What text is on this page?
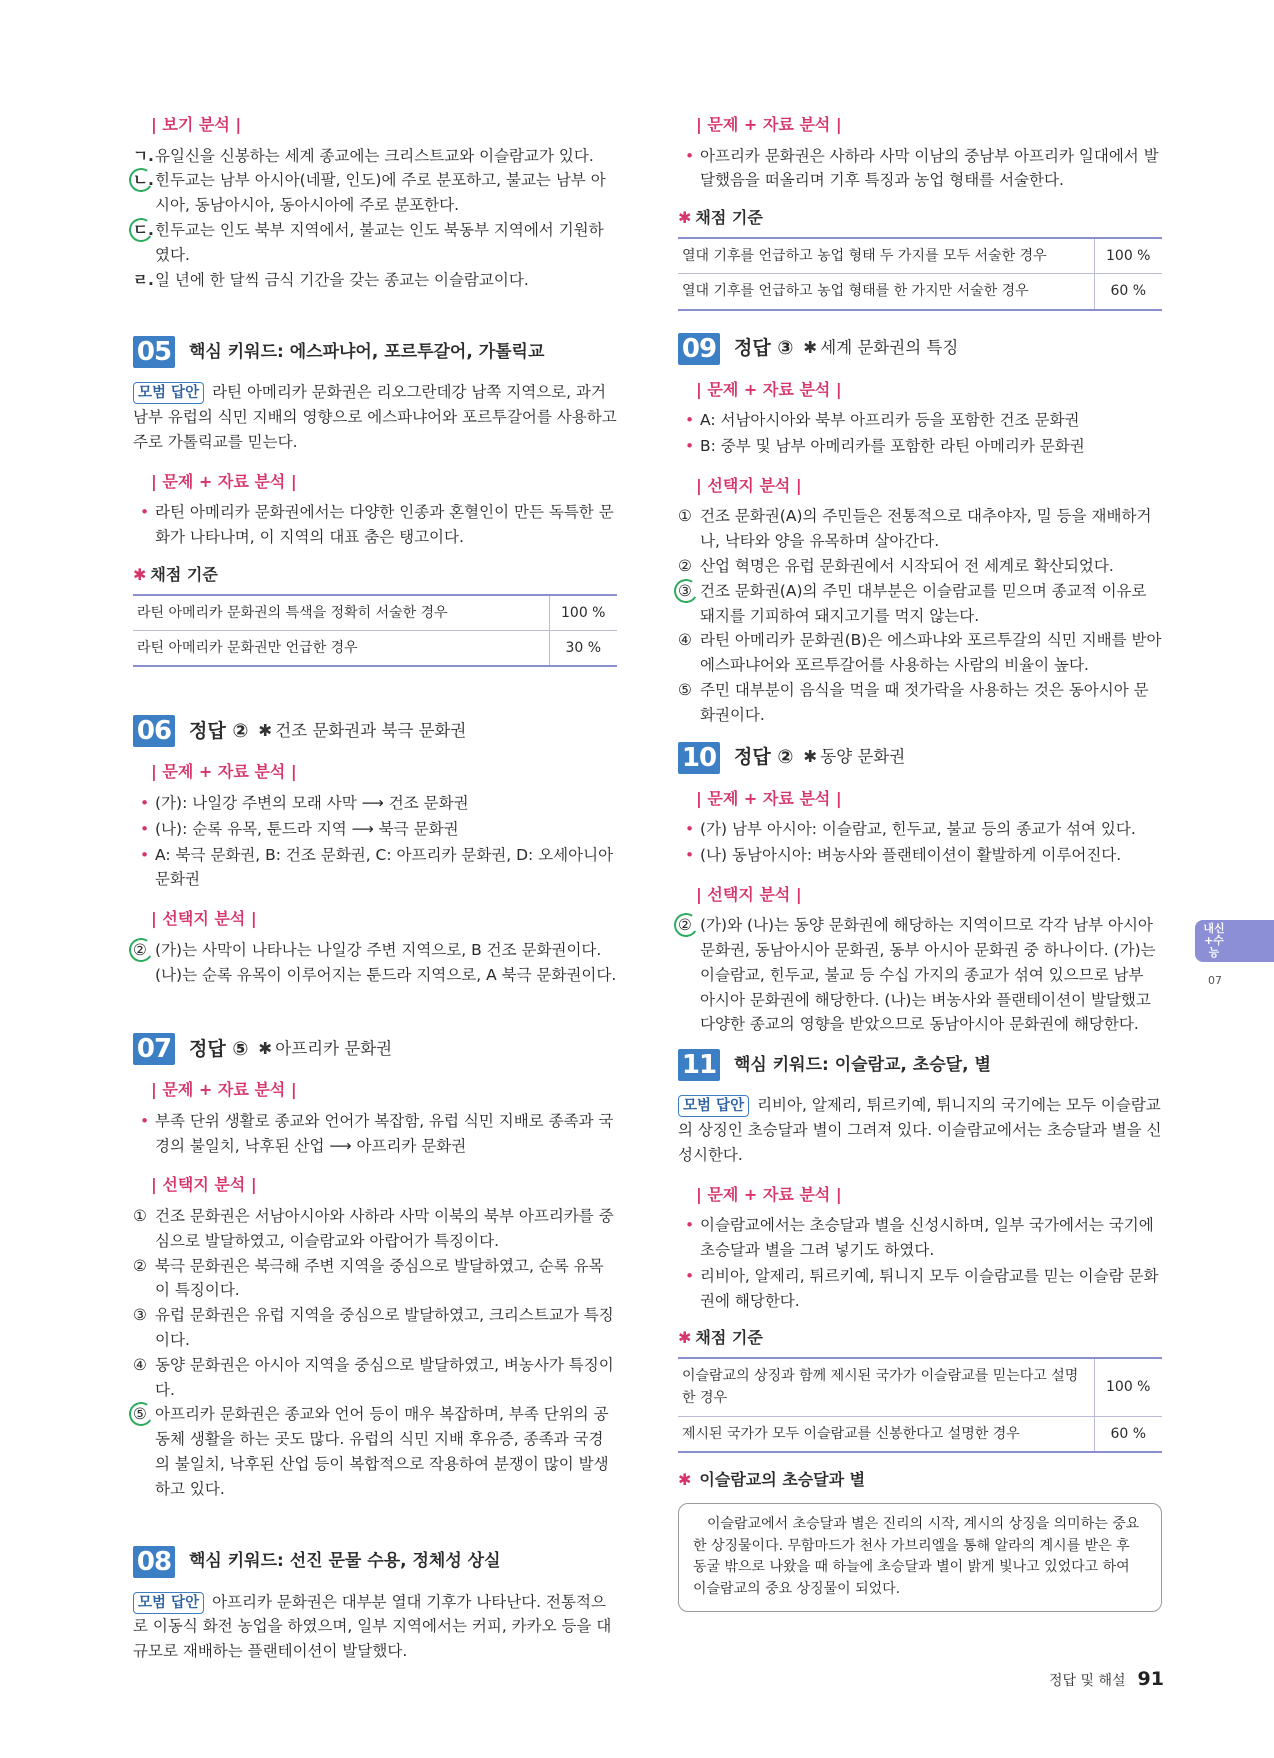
| 보기 분석 |
ㄱ. 유일신을 신봉하는 세계 종교에는 크리스트교와 이슬람교가 있다.
ㄴ. 힌두교는 남부 아시아(네팔, 인도)에 주로 분포하고, 불교는 남부 아시아, 동남아시아, 동아시아에 주로 분포한다.
ㄷ. 힌두교는 인도 북부 지역에서, 불교는 인도 북동부 지역에서 기원하였다.
ㄹ. 일 년에 한 달씩 금식 기간을 갖는 종교는 이슬람교이다.
05 핵심 키워드: 에스파냐어, 포르투갈어, 가톨릭교

모범 답안 라틴 아메리카 문화권은 리오그란데강 남쪽 지역으로, 과거 남부 유럽의 식민 지배의 영향으로 에스파냐어와 포르투갈어를 사용하고 주로 가톨릭교를 믿는다.

| 문제 + 자료 분석 |
• 라틴 아메리카 문화권에서는 다양한 인종과 혼혈인이 만든 독특한 문화가 나타나며, 이 지역의 대표 춤은 탱고이다.
✱ 채점 기준
라틴 아메리카 문화권의 특색을 정확히 서술한 경우	100 %
라틴 아메리카 문화권만 언급한 경우	30 %
06 정답 ② ✱ 건조 문화권과 북극 문화권
| 문제 + 자료 분석 |
• (가): 나일강 주변의 모래 사막 ⟶ 건조 문화권
• (나): 순록 유목, 툰드라 지역 ⟶ 북극 문화권
• A: 북극 문화권, B: 건조 문화권, C: 아프리카 문화권, D: 오세아니아 문화권
| 선택지 분석 |
② (가)는 사막이 나타나는 나일강 주변 지역으로, B 건조 문화권이다. (나)는 순록 유목이 이루어지는 툰드라 지역으로, A 북극 문화권이다.
07 정답 ⑤ ✱ 아프리카 문화권
| 문제 + 자료 분석 |
• 부족 단위 생활로 종교와 언어가 복잡함, 유럽 식민 지배로 종족과 국경의 불일치, 낙후된 산업 ⟶ 아프리카 문화권
| 선택지 분석 |
① 건조 문화권은 서남아시아와 사하라 사막 이북의 북부 아프리카를 중심으로 발달하였고, 이슬람교와 아랍어가 특징이다.
② 북극 문화권은 북극해 주변 지역을 중심으로 발달하였고, 순록 유목이 특징이다.
③ 유럽 문화권은 유럽 지역을 중심으로 발달하였고, 크리스트교가 특징이다.
④ 동양 문화권은 아시아 지역을 중심으로 발달하였고, 벼농사가 특징이다.
⑤ 아프리카 문화권은 종교와 언어 등이 매우 복잡하며, 부족 단위의 공동체 생활을 하는 곳도 많다. 유럽의 식민 지배 후유증, 종족과 국경의 불일치, 낙후된 산업 등이 복합적으로 작용하여 분쟁이 많이 발생하고 있다.
08 핵심 키워드: 선진 문물 수용, 정체성 상실

모범 답안 아프리카 문화권은 대부분 열대 기후가 나타난다. 전통적으로 이동식 화전 농업을 하였으며, 일부 지역에서는 커피, 카카오 등을 대규모로 재배하는 플랜테이션이 발달했다.

| 문제 + 자료 분석 |
• 아프리카 문화권은 사하라 사막 이남의 중남부 아프리카 일대에서 발달했음을 떠올리며 기후 특징과 농업 형태를 서술한다.
✱ 채점 기준
열대 기후를 언급하고 농업 형태 두 가지를 모두 서술한 경우	100 %
열대 기후를 언급하고 농업 형태를 한 가지만 서술한 경우	60 %
09 정답 ③ ✱ 세계 문화권의 특징
| 문제 + 자료 분석 |
• A: 서남아시아와 북부 아프리카 등을 포함한 건조 문화권
• B: 중부 및 남부 아메리카를 포함한 라틴 아메리카 문화권
| 선택지 분석 |
① 건조 문화권(A)의 주민들은 전통적으로 대추야자, 밀 등을 재배하거나, 낙타와 양을 유목하며 살아간다.
② 산업 혁명은 유럽 문화권에서 시작되어 전 세계로 확산되었다.
③ 건조 문화권(A)의 주민 대부분은 이슬람교를 믿으며 종교적 이유로 돼지를 기피하여 돼지고기를 먹지 않는다.
④ 라틴 아메리카 문화권(B)은 에스파냐와 포르투갈의 식민 지배를 받아 에스파냐어와 포르투갈어를 사용하는 사람의 비율이 높다.
⑤ 주민 대부분이 음식을 먹을 때 젓가락을 사용하는 것은 동아시아 문화권이다.
10 정답 ② ✱ 동양 문화권
| 문제 + 자료 분석 |
• (가) 남부 아시아: 이슬람교, 힌두교, 불교 등의 종교가 섞여 있다.
• (나) 동남아시아: 벼농사와 플랜테이션이 활발하게 이루어진다.
| 선택지 분석 |
② (가)와 (나)는 동양 문화권에 해당하는 지역이므로 각각 남부 아시아 문화권, 동남아시아 문화권, 동부 아시아 문화권 중 하나이다. (가)는 이슬람교, 힌두교, 불교 등 수십 가지의 종교가 섞여 있으므로 남부 아시아 문화권에 해당한다. (나)는 벼농사와 플랜테이션이 발달했고 다양한 종교의 영향을 받았으므로 동남아시아 문화권에 해당한다.
11 핵심 키워드: 이슬람교, 초승달, 별

모범 답안 리비아, 알제리, 튀르키예, 튀니지의 국기에는 모두 이슬람교의 상징인 초승달과 별이 그려져 있다. 이슬람교에서는 초승달과 별을 신성시한다.

| 문제 + 자료 분석 |
• 이슬람교에서는 초승달과 별을 신성시하며, 일부 국가에서는 국기에 초승달과 별을 그려 넣기도 하였다.
• 리비아, 알제리, 튀르키예, 튀니지 모두 이슬람교를 믿는 이슬람 문화권에 해당한다.
✱ 채점 기준
이슬람교의 상징과 함께 제시된 국가가 이슬람교를 믿는다고 설명한 경우	100 %
제시된 국가가 모두 이슬람교를 신봉한다고 설명한 경우	60 %
✱ 이슬람교의 초승달과 별
이슬람교에서 초승달과 별은 진리의 시작, 계시의 상징을 의미하는 중요한 상징물이다. 무함마드가 천사 가브리엘을 통해 알라의 계시를 받은 후 동굴 밖으로 나왔을 때 하늘에 초승달과 별이 밝게 빛나고 있었다고 하여 이슬람교의 중요 상징물이 되었다.
내신+수능
07
정답 및 해설 91
